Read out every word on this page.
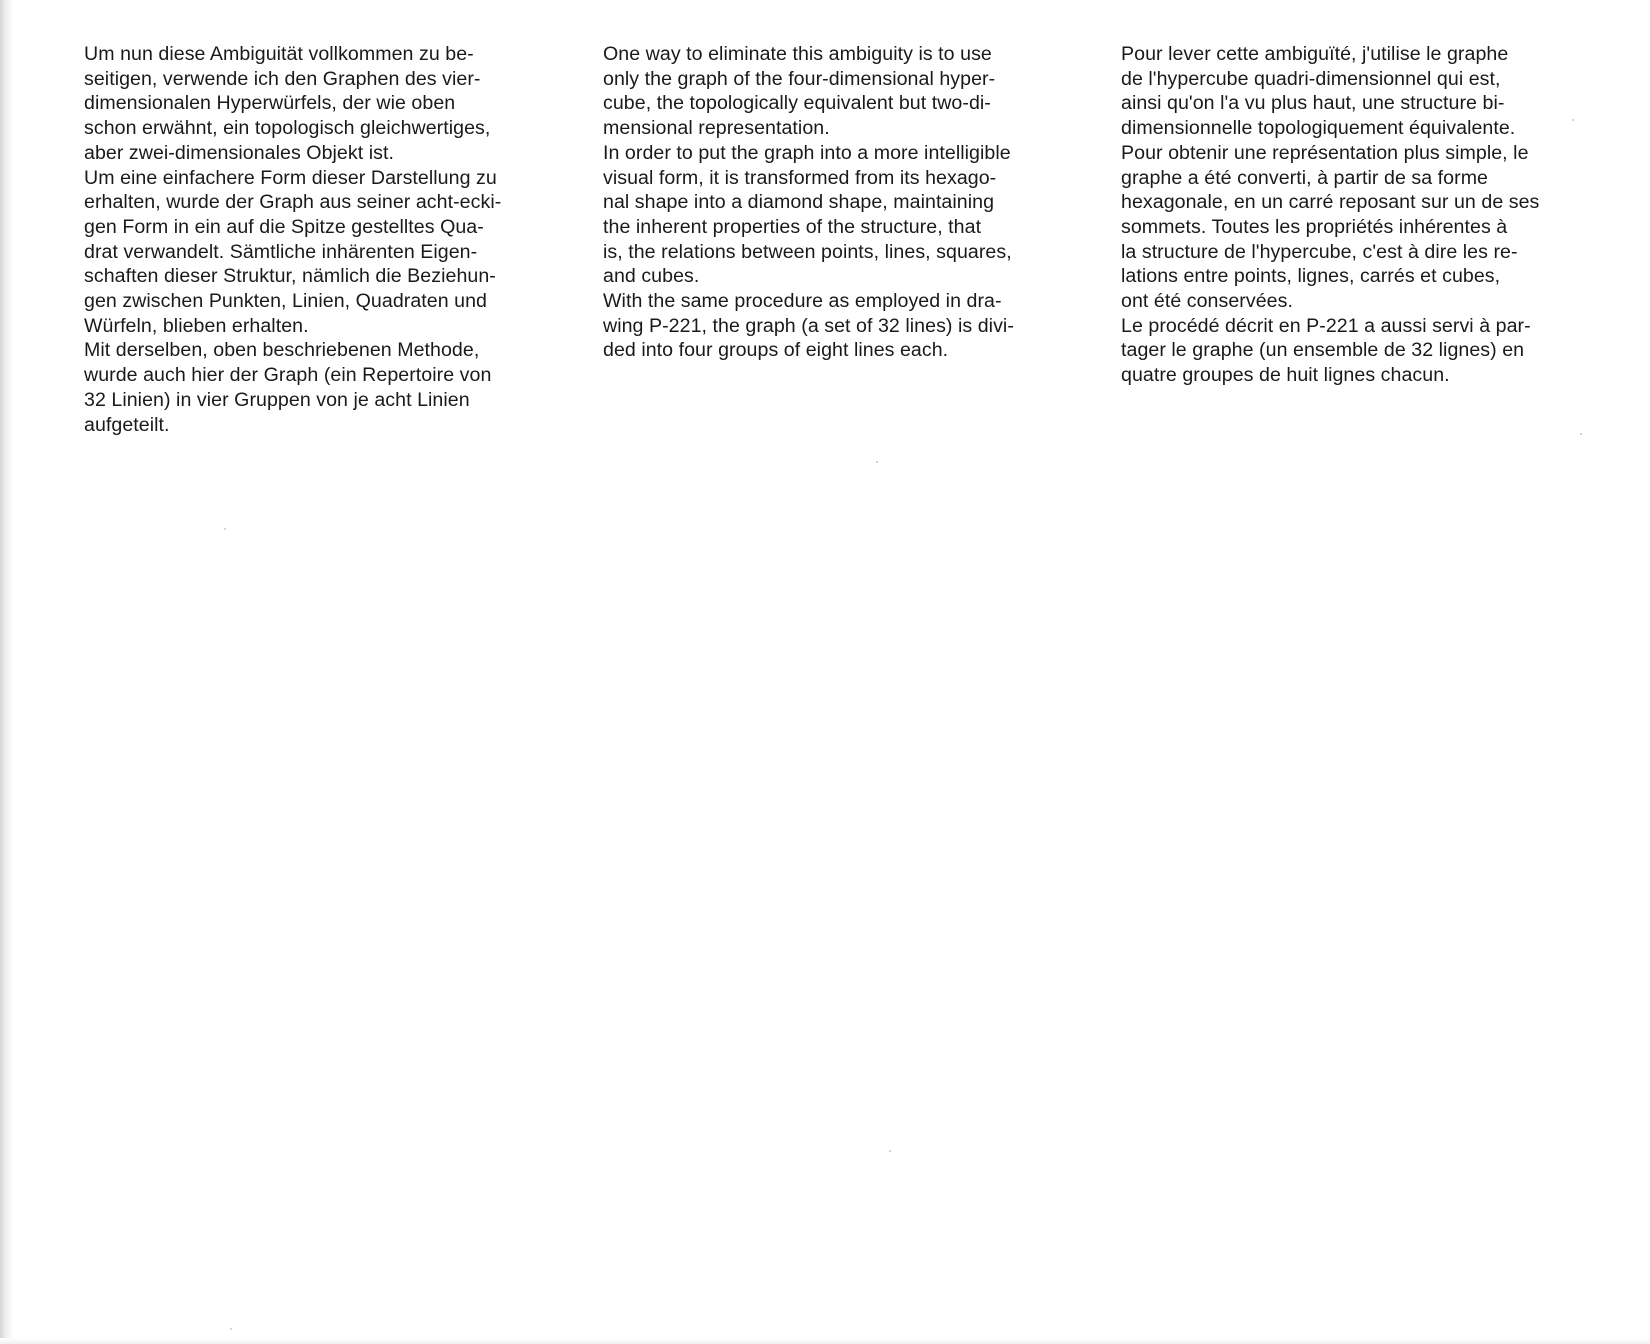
Um nun diese Ambiguität vollkommen zu be-
seitigen, verwende ich den Graphen des vier-
dimensionalen Hyperwürfels, der wie oben
schon erwähnt, ein topologisch gleichwertiges,
aber zwei-dimensionales Objekt ist.
Um eine einfachere Form dieser Darstellung zu
erhalten, wurde der Graph aus seiner acht-ecki-
gen Form in ein auf die Spitze gestelltes Qua-
drat verwandelt. Sämtliche inhärenten Eigen-
schaften dieser Struktur, nämlich die Beziehun-
gen zwischen Punkten, Linien, Quadraten und
Würfeln, blieben erhalten.
Mit derselben, oben beschriebenen Methode,
wurde auch hier der Graph (ein Repertoire von
32 Linien) in vier Gruppen von je acht Linien
aufgeteilt.
One way to eliminate this ambiguity is to use
only the graph of the four-dimensional hyper-
cube, the topologically equivalent but two-di-
mensional representation.
In order to put the graph into a more intelligible
visual form, it is transformed from its hexago-
nal shape into a diamond shape, maintaining
the inherent properties of the structure, that
is, the relations between points, lines, squares,
and cubes.
With the same procedure as employed in dra-
wing P-221, the graph (a set of 32 lines) is divi-
ded into four groups of eight lines each.
Pour lever cette ambiguïté, j'utilise le graphe
de l'hypercube quadri-dimensionnel qui est,
ainsi qu'on l'a vu plus haut, une structure bi-
dimensionnelle topologiquement équivalente.
Pour obtenir une représentation plus simple, le
graphe a été converti, à partir de sa forme
hexagonale, en un carré reposant sur un de ses
sommets. Toutes les propriétés inhérentes à
la structure de l'hypercube, c'est à dire les re-
lations entre points, lignes, carrés et cubes,
ont été conservées.
Le procédé décrit en P-221 a aussi servi à par-
tager le graphe (un ensemble de 32 lignes) en
quatre groupes de huit lignes chacun.
